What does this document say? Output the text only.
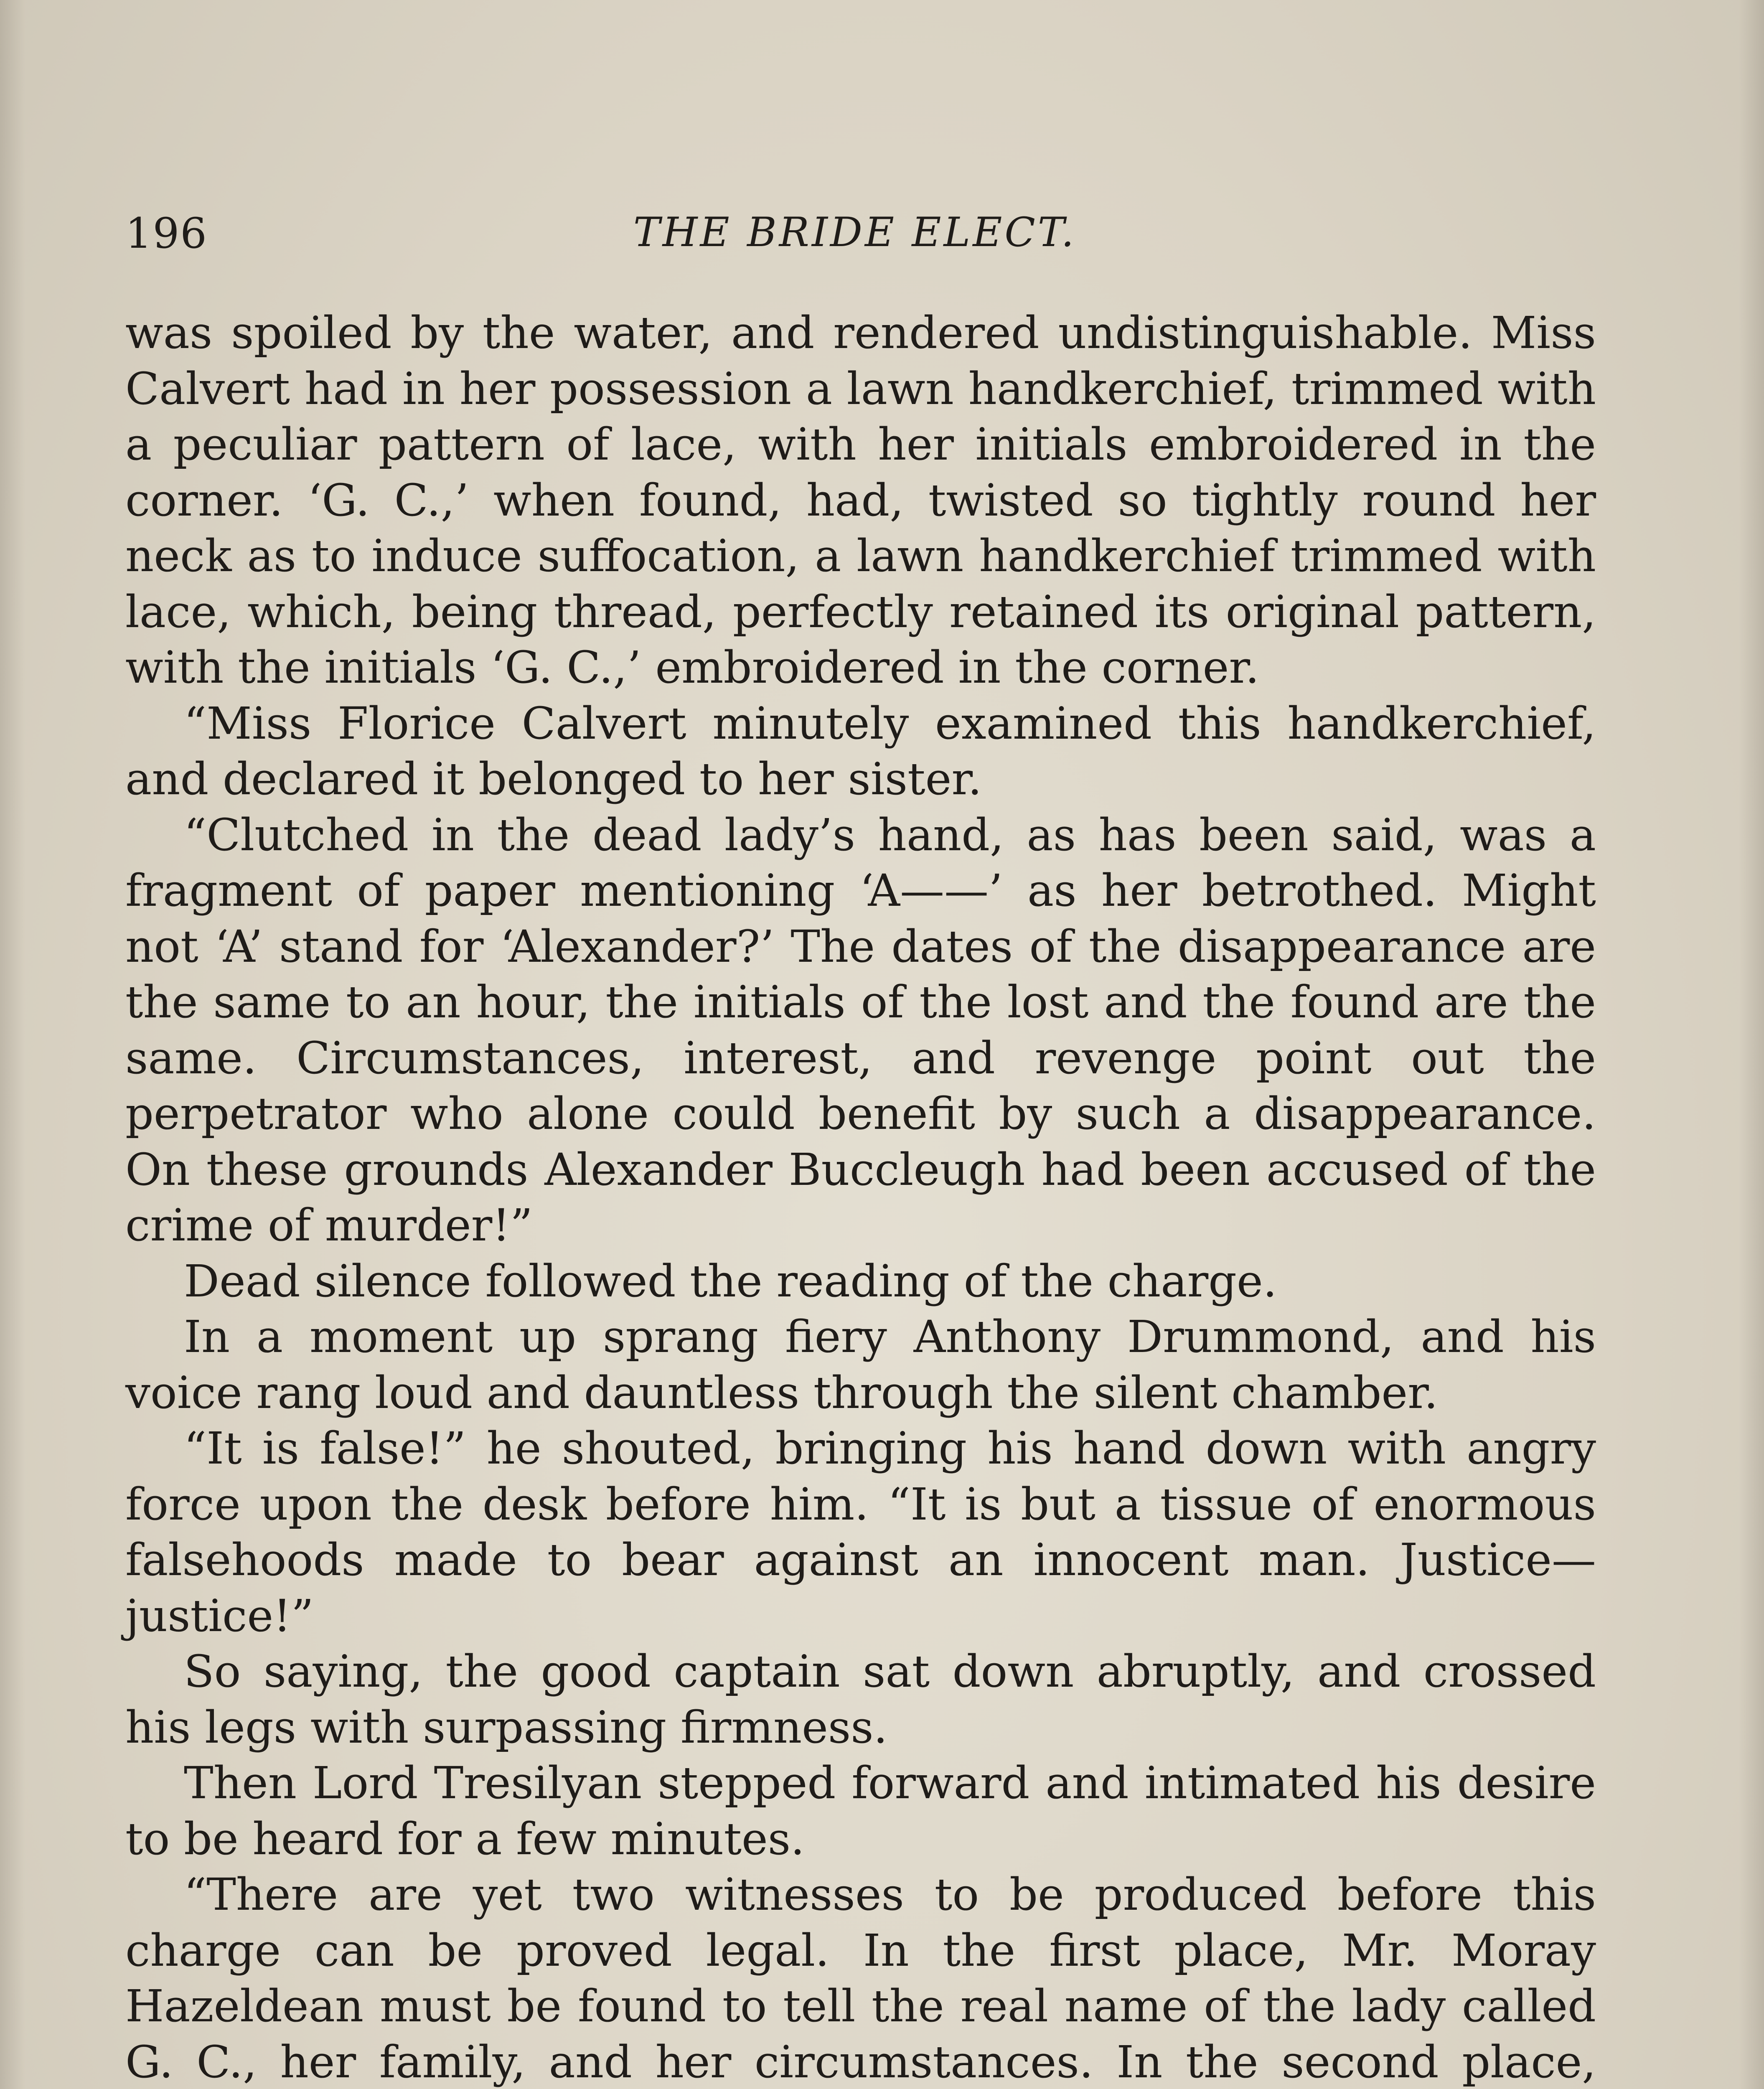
196	THE BRIDE ELECT.

was spoiled by the water, and rendered undistinguishable. Miss Calvert had in her possession a lawn handkerchief, trimmed with a peculiar pattern of lace, with her initials embroidered in the corner. ‘G. C.,’ when found, had, twisted so tightly round her neck as to induce suffocation, a lawn handkerchief trimmed with lace, which, being thread, perfectly retained its original pattern, with the initials ‘G. C.,’ embroidered in the corner.

“Miss Florice Calvert minutely examined this handkerchief, and declared it belonged to her sister.

“Clutched in the dead lady’s hand, as has been said, was a fragment of paper mentioning ‘A——’ as her betrothed. Might not ‘A’ stand for ‘Alexander?’ The dates of the disappearance are the same to an hour, the initials of the lost and the found are the same. Circumstances, interest, and revenge point out the perpetrator who alone could benefit by such a disappearance. On these grounds Alexander Buccleugh had been accused of the crime of murder!”

Dead silence followed the reading of the charge.

In a moment up sprang fiery Anthony Drummond, and his voice rang loud and dauntless through the silent chamber.

“It is false!” he shouted, bringing his hand down with angry force upon the desk before him. “It is but a tissue of enormous falsehoods made to bear against an innocent man. Justice—justice!”

So saying, the good captain sat down abruptly, and crossed his legs with surpassing firmness.

Then Lord Tresilyan stepped forward and intimated his desire to be heard for a few minutes.

“There are yet two witnesses to be produced before this charge can be proved legal. In the first place, Mr. Moray Hazeldean must be found to tell the real name of the lady called G. C., her family, and her circumstances. In the second place,
